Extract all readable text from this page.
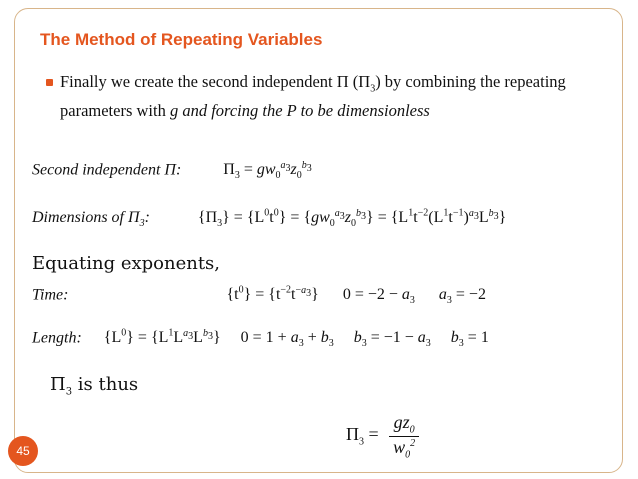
The Method of Repeating Variables
Finally we create the second independent Π $(\Pi_3)$ by combining the repeating parameters with g and forcing the P to be dimensionless
Second independent Π:	$\Pi_3 = gw_0^{a_3}z_0^{b_3}$
Dimensions of $\Pi_3$:	$\{\Pi_3\} = \{L^0t^0\} = \{gw_0^{a_3}z_0^{b_3}\} = \{L^1t^{-2}(L^1t^{-1})^{a_3}L^{b_3}\}$
Equating exponents,
Time:	$\{t^0\} = \{t^{-2}t^{-a_3}\}$      $0 = -2 - a_3$ $a_3 = -2$
Length: $\{L^0\} = \{L^1L^{a_3}L^{b_3}\}$     $0 = 1 + a_3 + b_3$ $b_3 = -1 - a_3$ $b_3 = 1$
$\Pi_3$ is thus
$\Pi_3 = \frac{gz_0}{w_0^2}$
45
